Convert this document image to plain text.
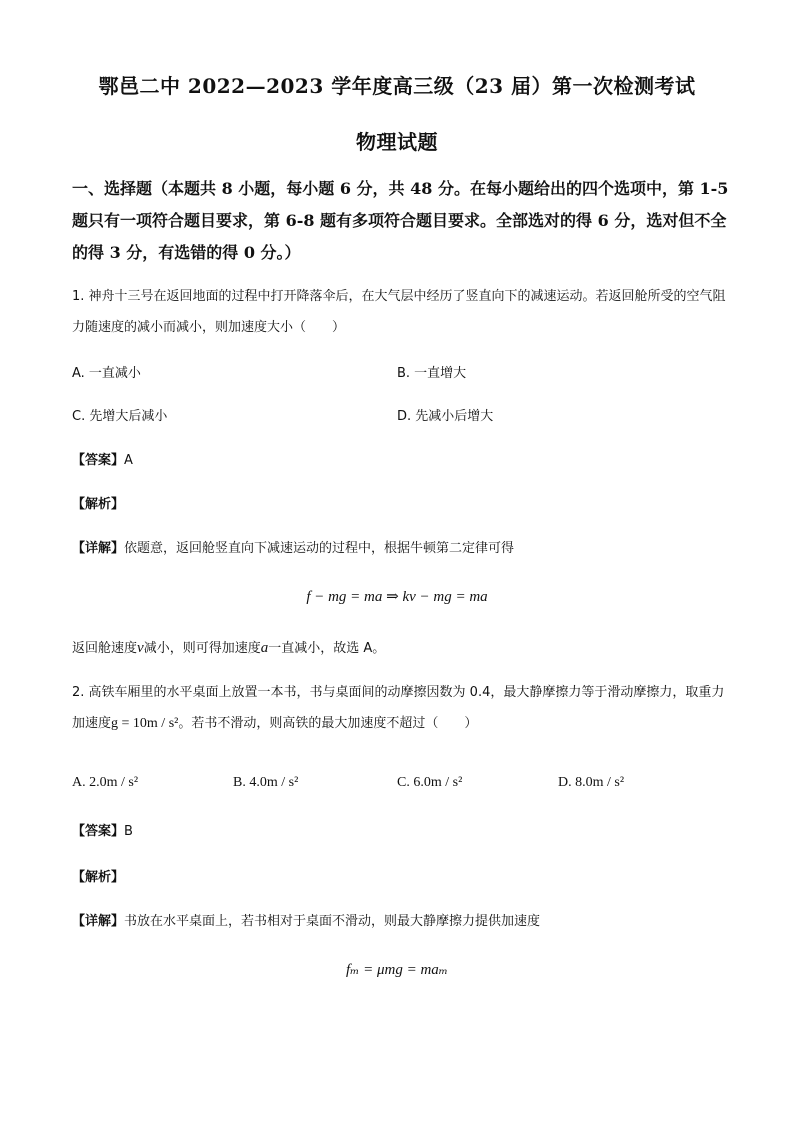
鄂邑二中 2022—2023 学年度高三级（23 届）第一次检测考试
物理试题
一、选择题（本题共 8 小题，每小题 6 分，共 48 分。在每小题给出的四个选项中，第 1-5 题只有一项符合题目要求，第 6-8 题有多项符合题目要求。全部选对的得 6 分，选对但不全的得 3 分，有选错的得 0 分。）
1. 神舟十三号在返回地面的过程中打开降落伞后，在大气层中经历了竖直向下的减速运动。若返回舱所受的空气阻力随速度的减小而减小，则加速度大小（　　）
A. 一直减小	B. 一直增大
C. 先增大后减小	D. 先减小后增大
【答案】A
【解析】
【详解】依题意，返回舱竖直向下减速运动的过程中，根据牛顿第二定律可得
f − mg = ma ⇒ kv − mg = ma
返回舱速度v减小，则可得加速度a一直减小，故选 A。
2. 高铁车厢里的水平桌面上放置一本书，书与桌面间的动摩擦因数为 0.4，最大静摩擦力等于滑动摩擦力，取重力加速度g = 10m / s²。若书不滑动，则高铁的最大加速度不超过（　　）
A. 2.0m / s²	B. 4.0m / s²	C. 6.0m / s²	D. 8.0m / s²
【答案】B
【解析】
【详解】书放在水平桌面上，若书相对于桌面不滑动，则最大静摩擦力提供加速度
fₘ = μmg = maₘ
